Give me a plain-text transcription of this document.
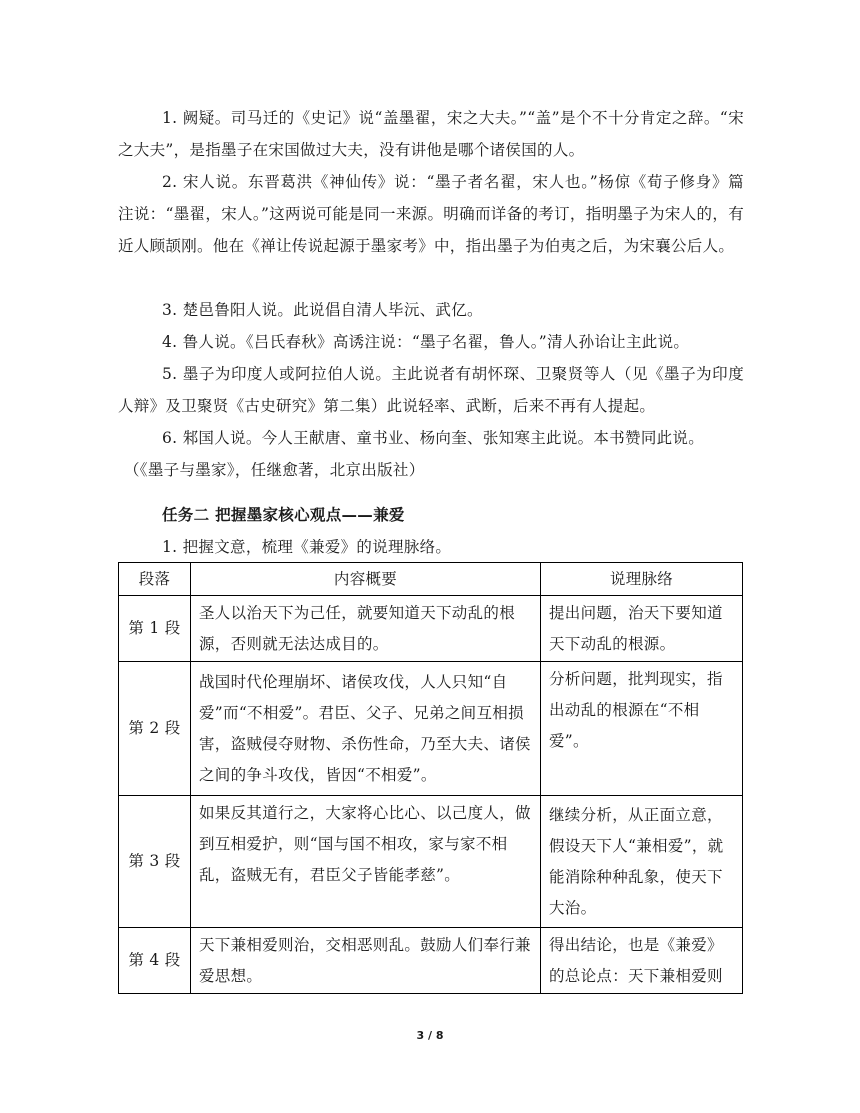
1. 阙疑。司马迁的《史记》说“盖墨翟，宋之大夫。”“盖”是个不十分肯定之辞。“宋之大夫”，是指墨子在宋国做过大夫，没有讲他是哪个诸侯国的人。

2. 宋人说。东晋葛洪《神仙传》说：“墨子者名翟，宋人也。”杨倞《荀子修身》篇注说：“墨翟，宋人。”这两说可能是同一来源。明确而详备的考订，指明墨子为宋人的，有近人顾颉刚。他在《禅让传说起源于墨家考》中，指出墨子为伯夷之后，为宋襄公后人。

3. 楚邑鲁阳人说。此说倡自清人毕沅、武亿。

4. 鲁人说。《吕氏春秋》高诱注说：“墨子名翟，鲁人。”清人孙诒让主此说。

5. 墨子为印度人或阿拉伯人说。主此说者有胡怀琛、卫聚贤等人（见《墨子为印度人辩》及卫聚贤《古史研究》第二集）此说轻率、武断，后来不再有人提起。

6. 邾国人说。今人王献唐、童书业、杨向奎、张知寒主此说。本书赞同此说。

（《墨子与墨家》，任继愈著，北京出版社）

任务二 把握墨家核心观点——兼爱
1. 把握文意，梳理《兼爱》的说理脉络。
段落	内容概要	说理脉络
第 1 段	圣人以治天下为己任，就要知道天下动乱的根源，否则就无法达成目的。	提出问题，治天下要知道天下动乱的根源。
第 2 段	战国时代伦理崩坏、诸侯攻伐，人人只知“自爱”而“不相爱”。君臣、父子、兄弟之间互相损害，盗贼侵夺财物、杀伤性命，乃至大夫、诸侯之间的争斗攻伐，皆因“不相爱”。	分析问题，批判现实，指出动乱的根源在“不相爱”。
第 3 段	如果反其道行之，大家将心比心、以己度人，做到互相爱护，则“国与国不相攻，家与家不相乱，盗贼无有，君臣父子皆能孝慈”。	继续分析，从正面立意，假设天下人“兼相爱”，就能消除种种乱象，使天下大治。
第 4 段	天下兼相爱则治，交相恶则乱。鼓励人们奉行兼爱思想。	得出结论，也是《兼爱》的总论点：天下兼相爱则
3 / 8
